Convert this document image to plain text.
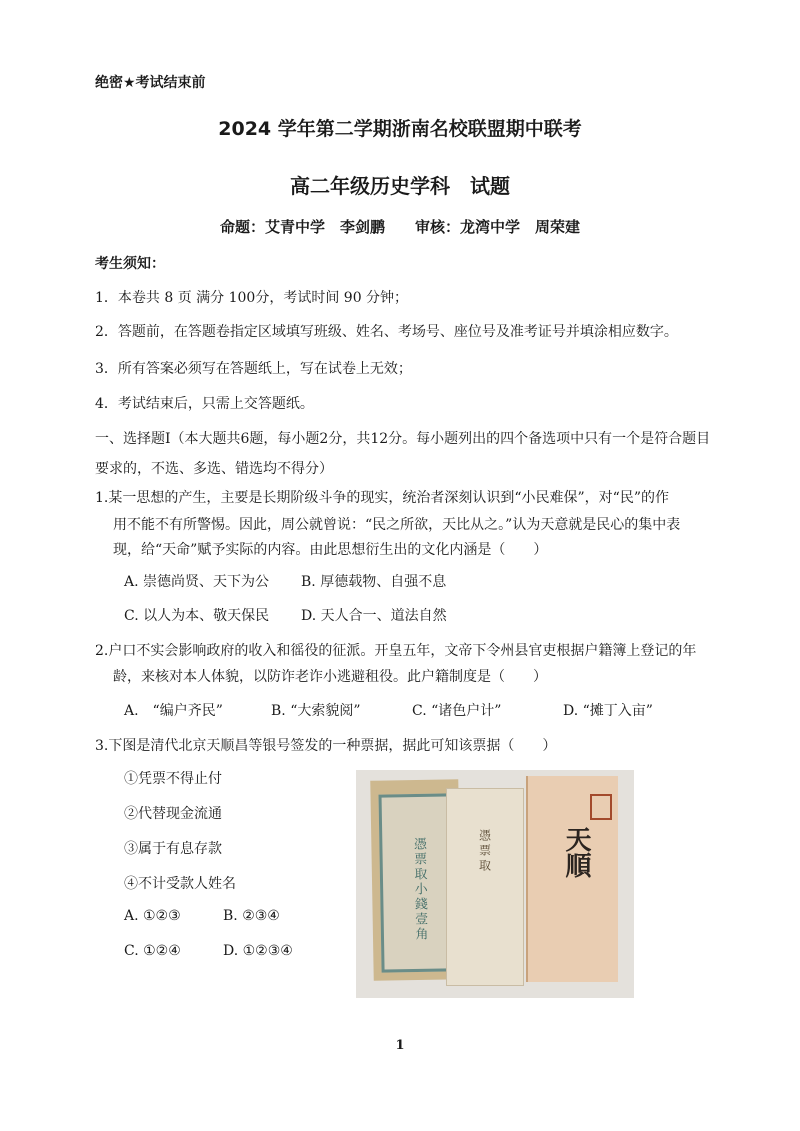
绝密★考试结束前
2024 学年第二学期浙南名校联盟期中联考
高二年级历史学科　试题
命题：艾青中学　李剑鹏　　审核：龙湾中学　周荣建
考生须知：
1．本卷共 8 页 满分 100分，考试时间 90 分钟；
2．答题前，在答题卷指定区域填写班级、姓名、考场号、座位号及准考证号并填涂相应数字。
3．所有答案必须写在答题纸上，写在试卷上无效；
4．考试结束后，只需上交答题纸。
一、选择题Ⅰ（本大题共6题，每小题2分，共12分。每小题列出的四个备选项中只有一个是符合题目要求的，不选、多选、错选均不得分）
1.某一思想的产生，主要是长期阶级斗争的现实，统治者深刻认识到“小民难保”，对“民”的作
用不能不有所警惕。因此，周公就曾说：“民之所欲，天比从之。”认为天意就是民心的集中表
现，给“天命”赋予实际的内容。由此思想衍生出的文化内涵是（　　）
A. 崇德尚贤、天下为公 B. 厚德载物、自强不息
C. 以人为本、敬天保民 D. 天人合一、道法自然
2.户口不实会影响政府的收入和徭役的征派。开皇五年，文帝下令州县官吏根据户籍簿上登记的年
龄，来核对本人体貌，以防诈老诈小逃避租役。此户籍制度是（　　）
A.　“编户齐民”	B. “大索貌阅”	C. “诸色户计”	D. “摊丁入亩”
3.下图是清代北京天顺昌等银号签发的一种票据，据此可知该票据（　　）
①凭票不得止付
②代替现金流通
③属于有息存款
④不计受款人姓名
A. ①②③	B. ②③④
C. ①②④	D. ①②③④
憑票取小錢壹角	憑票取	天順
1
